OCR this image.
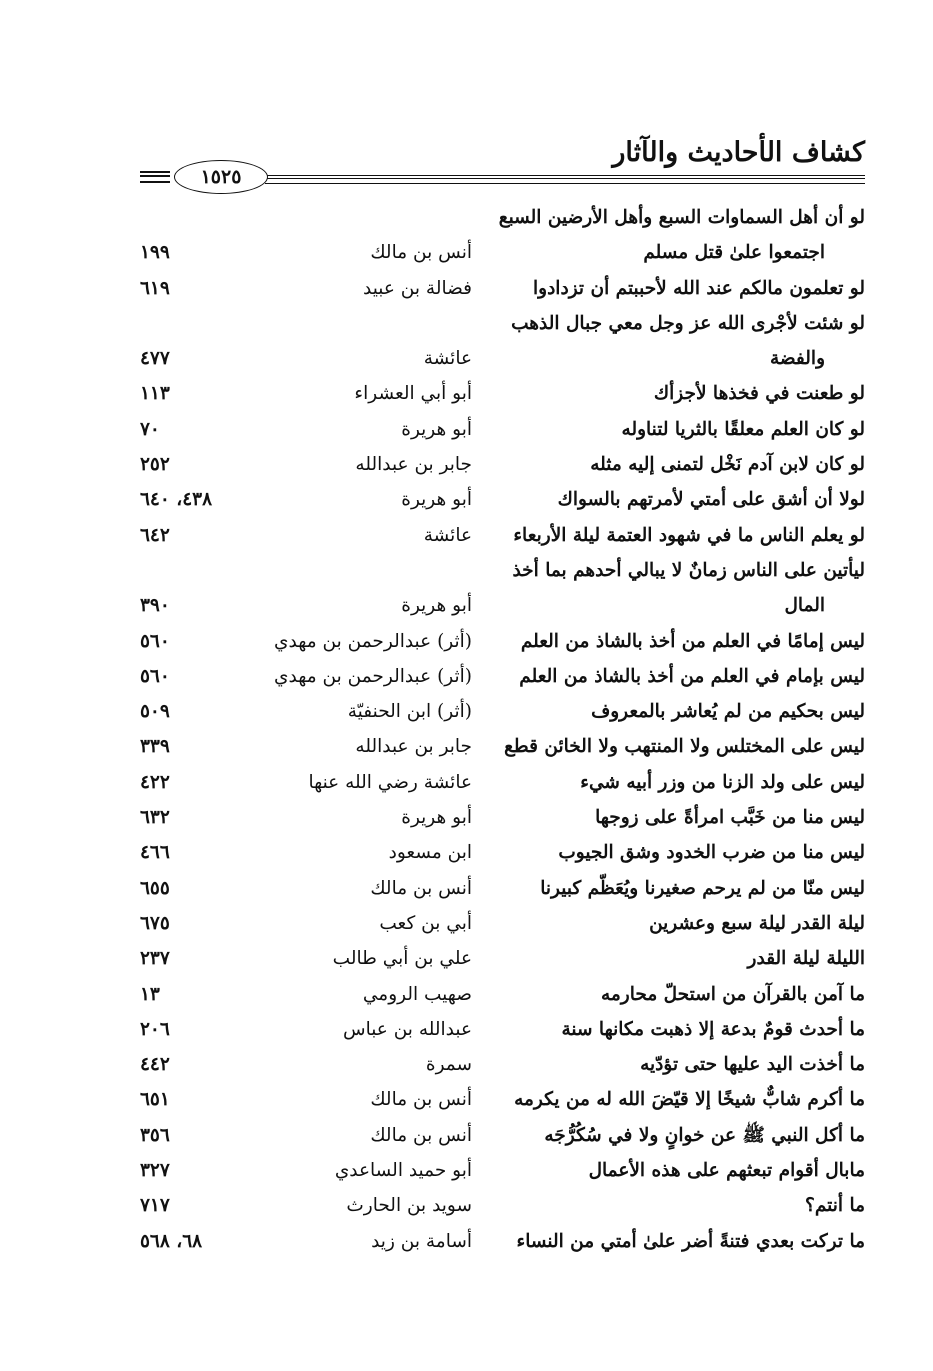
كشاف الأحاديث والآثار
١٥٢٥
لو أن أهل السماوات السبع وأهل الأرضين السبع
اجتمعوا علىٰ قتل مسلم
أنس بن مالك
١٩٩
لو تعلمون مالكم عند الله لأحببتم أن تزدادوا
فضالة بن عبيد
٦١٩
لو شئت لأجْرى الله عز وجل معي جبال الذهب
والفضة
عائشة
٤٧٧
لو طعنت في فخذها لأجزأك
أبو أبي العشراء
١١٣
لو كان العلم معلقًا بالثريا لتناوله
أبو هريرة
٧٠
لو كان لابن آدم نَخْل لتمنى إليه مثله
جابر بن عبدالله
٢٥٢
لولا أن أشق على أمتي لأمرتهم بالسواك
أبو هريرة
٤٣٨، ٦٤٠
لو يعلم الناس ما في شهود العتمة ليلة الأربعاء
عائشة
٦٤٢
ليأتين على الناس زمانٌ لا يبالي أحدهم بما أخذ
المال
أبو هريرة
٣٩٠
ليس إمامًا في العلم من أخذ بالشاذ من العلم
(أثر) عبدالرحمن بن مهدي
٥٦٠
ليس بإمام في العلم من أخذ بالشاذ من العلم
(أثر) عبدالرحمن بن مهدي
٥٦٠
ليس بحكيم من لم يُعاشر بالمعروف
(أثر) ابن الحنفيّة
٥٠٩
ليس على المختلس ولا المنتهب ولا الخائن قطع
جابر بن عبدالله
٣٣٩
ليس على ولد الزنا من وزر أبيه شيء
عائشة رضي الله عنها
٤٢٢
ليس منا من خَبَّب امرأةً على زوجها
أبو هريرة
٦٣٢
ليس منا من ضرب الخدود وشق الجيوب
ابن مسعود
٤٦٦
ليس منّا من لم يرحم صغيرنا ويُعَظّم كبيرنا
أنس بن مالك
٦٥٥
ليلة القدر ليلة سبع وعشرين
أبي بن كعب
٦٧٥
الليلة ليلة القدر
علي بن أبي طالب
٢٣٧
ما آمن بالقرآن من استحلّ محارمه
صهيب الرومي
١٣
ما أحدث قومٌ بدعة إلا ذهبت مكانها سنة
عبدالله بن عباس
٢٠٦
ما أخذت اليد عليها حتى تؤدّيه
سمرة
٤٤٢
ما أكرم شابٌّ شيخًا إلا قيّضَ الله له من يكرمه
أنس بن مالك
٦٥١
ما أكل النبي ﷺ عن خوانٍ ولا في سُكُرُّجَه
أنس بن مالك
٣٥٦
مابال أقوام تبعثهم على هذه الأعمال
أبو حميد الساعدي
٣٢٧
ما أنتم؟
سويد بن الحارث
٧١٧
ما تركت بعدي فتنةً أضر علىٰ أمتي من النساء
أسامة بن زيد
٦٨، ٥٦٨
